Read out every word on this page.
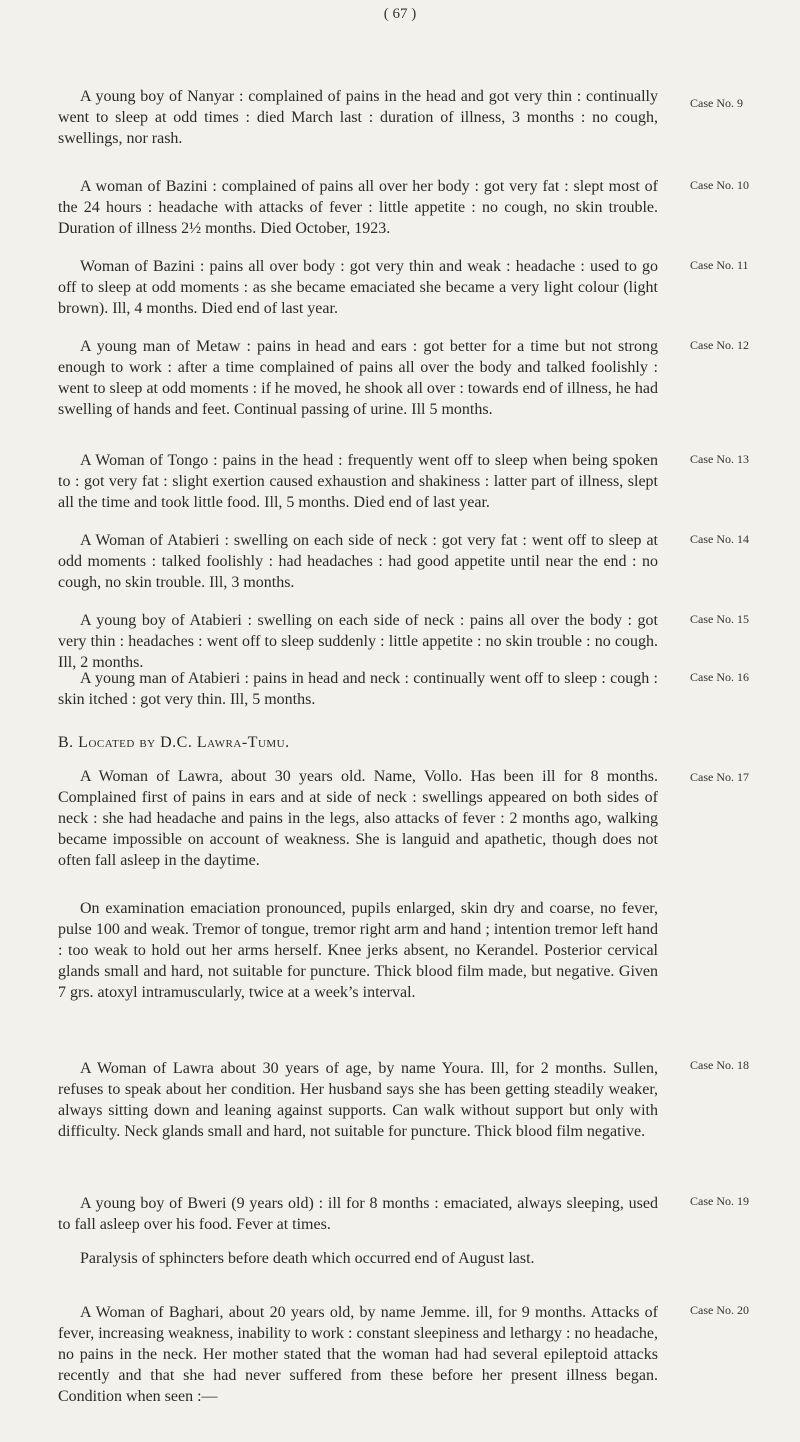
( 67 )

A young boy of Nanyar : complained of pains in the head and got very thin : continually went to sleep at odd times : died March last : duration of illness, 3 months : no cough, swellings, nor rash.

A woman of Bazini : complained of pains all over her body : got very fat : slept most of the 24 hours : headache with attacks of fever : little appetite : no cough, no skin trouble. Duration of illness 2½ months. Died October, 1923.

Woman of Bazini : pains all over body : got very thin and weak : headache : used to go off to sleep at odd moments : as she became emaciated she became a very light colour (light brown). Ill, 4 months. Died end of last year.

A young man of Metaw : pains in head and ears : got better for a time but not strong enough to work : after a time complained of pains all over the body and talked foolishly : went to sleep at odd moments : if he moved, he shook all over : towards end of illness, he had swelling of hands and feet. Continual passing of urine. Ill 5 months.

A Woman of Tongo : pains in the head : frequently went off to sleep when being spoken to : got very fat : slight exertion caused exhaustion and shakiness : latter part of illness, slept all the time and took little food. Ill, 5 months. Died end of last year.

A Woman of Atabieri : swelling on each side of neck : got very fat : went off to sleep at odd moments : talked foolishly : had headaches : had good appetite until near the end : no cough, no skin trouble. Ill, 3 months.

A young boy of Atabieri : swelling on each side of neck : pains all over the body : got very thin : headaches : went off to sleep suddenly : little appetite : no skin trouble : no cough. Ill, 2 months.

A young man of Atabieri : pains in head and neck : continually went off to sleep : cough : skin itched : got very thin. Ill, 5 months.

B. Located by D.C. Lawra-Tumu.

A Woman of Lawra, about 30 years old. Name, Vollo. Has been ill for 8 months. Complained first of pains in ears and at side of neck : swellings appeared on both sides of neck : she had headache and pains in the legs, also attacks of fever : 2 months ago, walking became impossible on account of weakness. She is languid and apathetic, though does not often fall asleep in the daytime.

On examination emaciation pronounced, pupils enlarged, skin dry and coarse, no fever, pulse 100 and weak. Tremor of tongue, tremor right arm and hand ; intention tremor left hand : too weak to hold out her arms herself. Knee jerks absent, no Kerandel. Posterior cervical glands small and hard, not suitable for puncture. Thick blood film made, but negative. Given 7 grs. atoxyl intramuscularly, twice at a week’s interval.

A Woman of Lawra about 30 years of age, by name Youra. Ill, for 2 months. Sullen, refuses to speak about her condition. Her husband says she has been getting steadily weaker, always sitting down and leaning against supports. Can walk without support but only with difficulty. Neck glands small and hard, not suitable for puncture. Thick blood film negative.

A young boy of Bweri (9 years old) : ill for 8 months : emaciated, always sleeping, used to fall asleep over his food. Fever at times.

Paralysis of sphincters before death which occurred end of August last.

A Woman of Baghari, about 20 years old, by name Jemme. ill, for 9 months. Attacks of fever, increasing weakness, inability to work : constant sleepiness and lethargy : no headache, no pains in the neck. Her mother stated that the woman had had several epileptoid attacks recently and that she had never suffered from these before her present illness began. Condition when seen :—

Case No. 9
Case No. 10
Case No. 11
Case No. 12
Case No. 13
Case No. 14
Case No. 15
Case No. 16
Case No. 17
Case No. 18
Case No. 19
Case No. 20
